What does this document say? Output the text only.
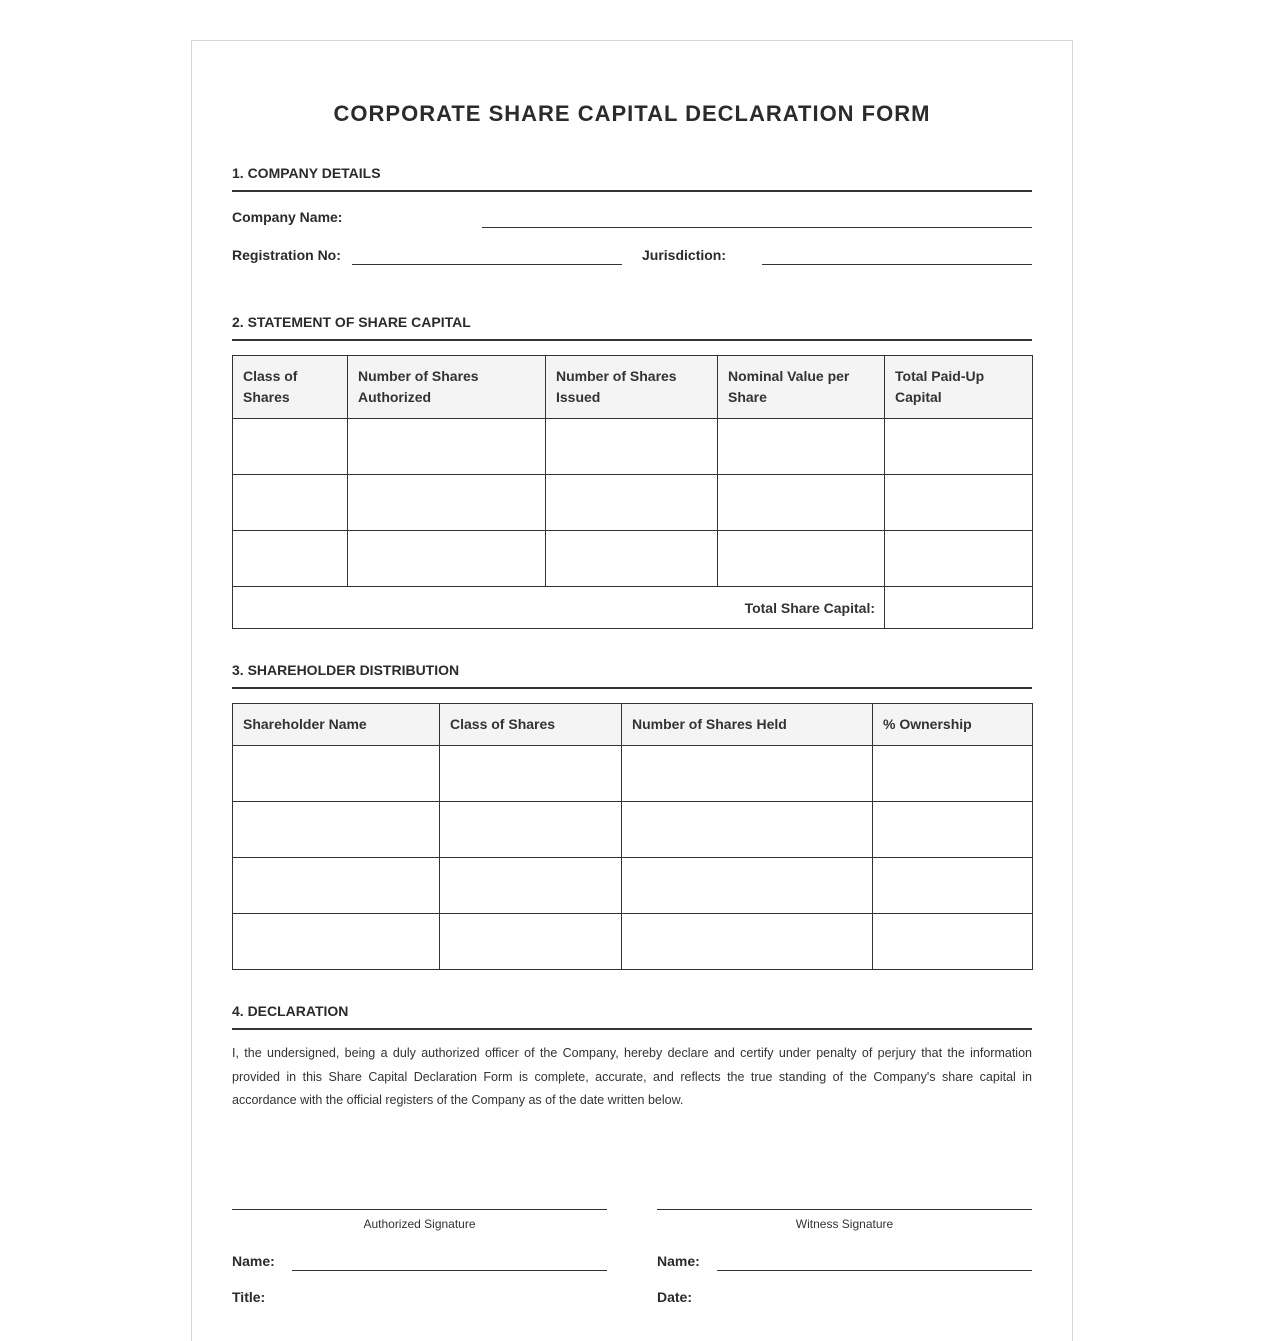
CORPORATE SHARE CAPITAL DECLARATION FORM
1. COMPANY DETAILS
Company Name:
Registration No:	Jurisdiction:
2. STATEMENT OF SHARE CAPITAL
Class of Shares	Number of Shares Authorized	Number of Shares Issued	Nominal Value per Share	Total Paid-Up Capital

Total Share Capital:				
3. SHAREHOLDER DISTRIBUTION
Shareholder Name	Class of Shares	Number of Shares Held	% Ownership

4. DECLARATION
I, the undersigned, being a duly authorized officer of the Company, hereby declare and certify under penalty of perjury that the information provided in this Share Capital Declaration Form is complete, accurate, and reflects the true standing of the Company's share capital in accordance with the official registers of the Company as of the date written below.
Authorized Signature	Witness Signature
Name:	Name:
Title:	Date:
